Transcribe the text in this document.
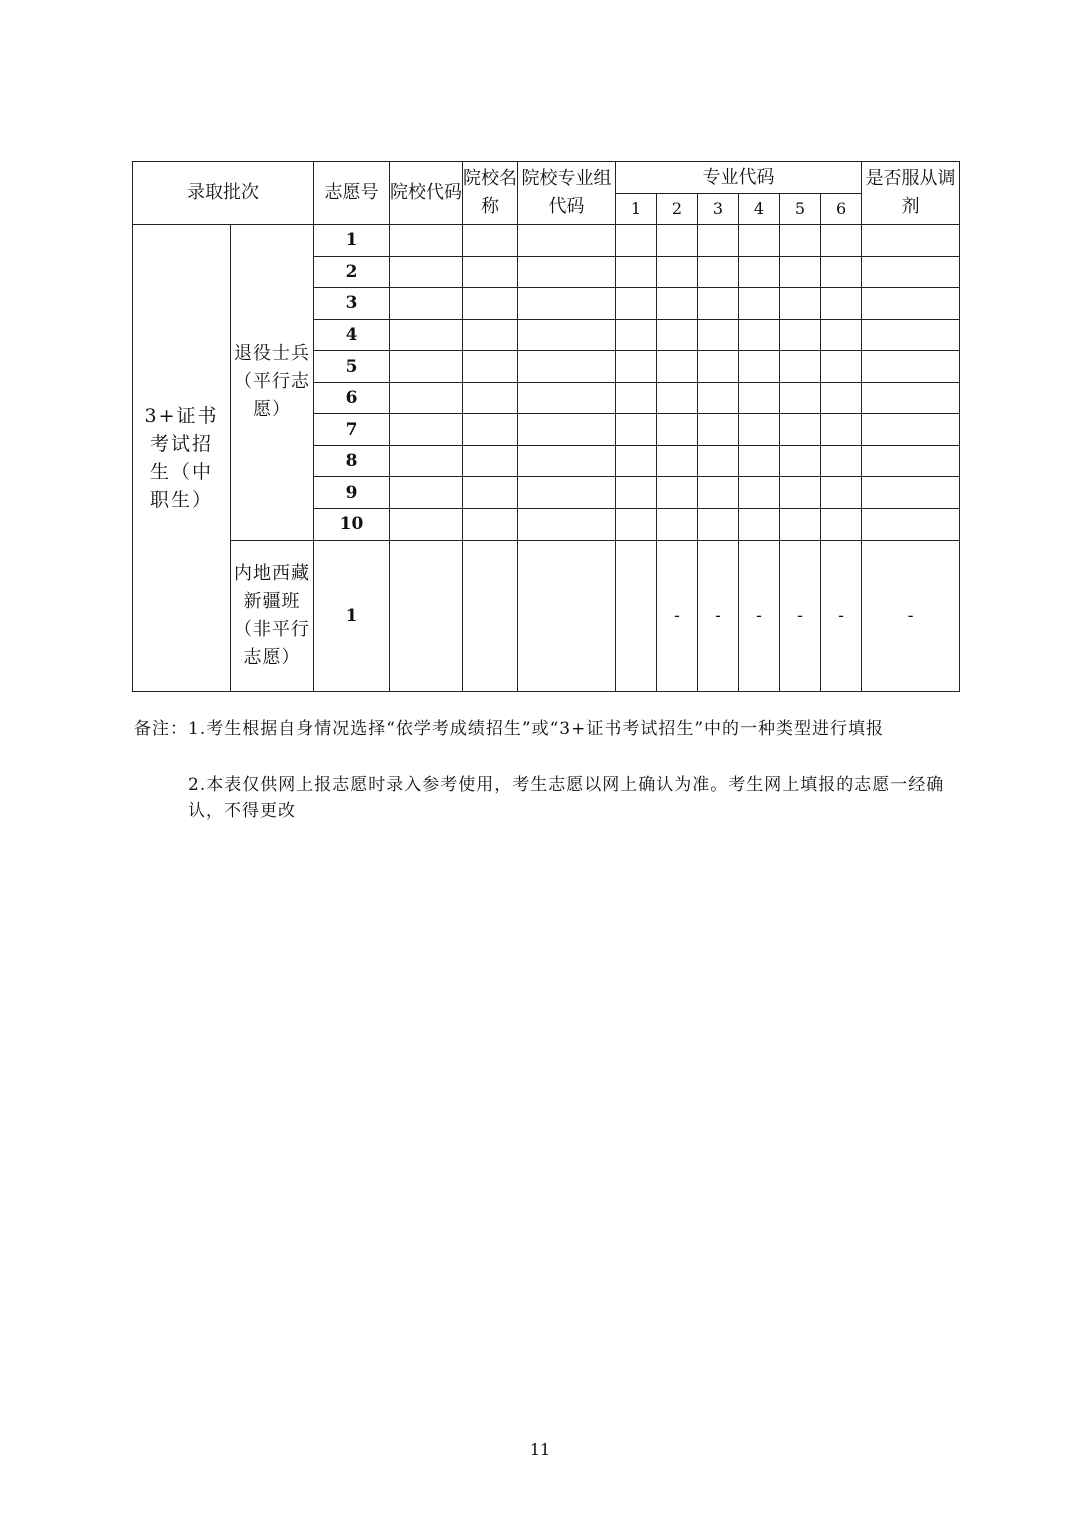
录取批次		志愿号	院校代码	院校名称	院校专业组代码	专业代码						是否服从调剂
						1	2	3	4	5	6	
3+证书考试招生（中职生）	退役士兵（平行志愿）	1										
		2										
		3										
		4										
		5										
		6										
		7										
		8										
		9										
		10										
	内地西藏新疆班（非平行志愿）	1					-	-	-	-	-	-

备注：1.考生根据自身情况选择“依学考成绩招生”或“3+证书考试招生”中的一种类型进行填报

2.本表仅供网上报志愿时录入参考使用，考生志愿以网上确认为准。考生网上填报的志愿一经确认，不得更改

11
